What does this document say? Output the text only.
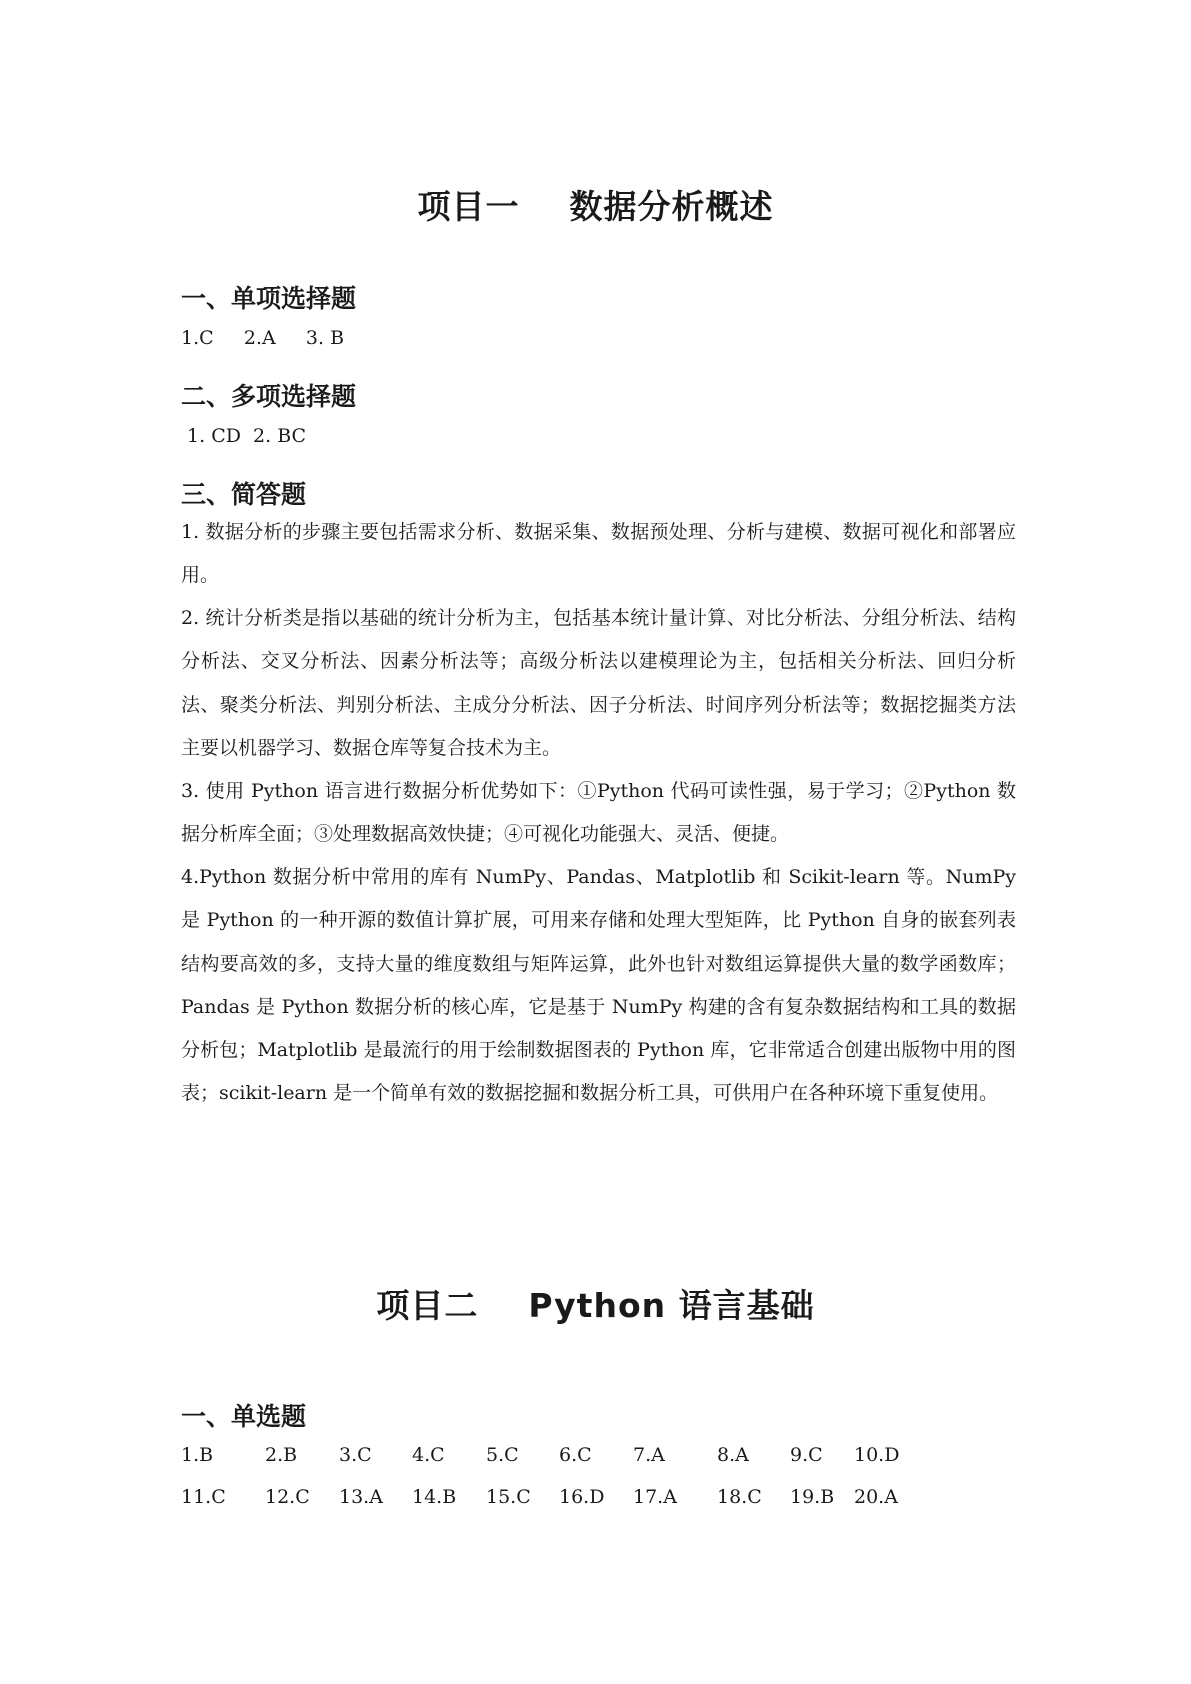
项目一    数据分析概述
一、单项选择题

1.C     2.A     3. B

二、多项选择题

1. CD  2. BC

三、简答题

1. 数据分析的步骤主要包括需求分析、数据采集、数据预处理、分析与建模、数据可视化和部署应用。

2. 统计分析类是指以基础的统计分析为主，包括基本统计量计算、对比分析法、分组分析法、结构分析法、交叉分析法、因素分析法等；高级分析法以建模理论为主，包括相关分析法、回归分析法、聚类分析法、判别分析法、主成分分析法、因子分析法、时间序列分析法等；数据挖掘类方法主要以机器学习、数据仓库等复合技术为主。

3. 使用 Python 语言进行数据分析优势如下：①Python 代码可读性强，易于学习；②Python 数据分析库全面；③处理数据高效快捷；④可视化功能强大、灵活、便捷。

4.Python 数据分析中常用的库有 NumPy、Pandas、Matplotlib 和 Scikit-learn 等。NumPy 是 Python 的一种开源的数值计算扩展，可用来存储和处理大型矩阵，比 Python 自身的嵌套列表结构要高效的多，支持大量的维度数组与矩阵运算，此外也针对数组运算提供大量的数学函数库；Pandas 是 Python 数据分析的核心库，它是基于 NumPy 构建的含有复杂数据结构和工具的数据分析包；Matplotlib 是最流行的用于绘制数据图表的 Python 库，它非常适合创建出版物中用的图表；scikit-learn 是一个简单有效的数据挖掘和数据分析工具，可供用户在各种环境下重复使用。

项目二    Python 语言基础
一、单选题
1.B	2.B 3.C 4.C 5.C 6.C 7.A	8.A 9.C 10.D
11.C 12.C 13.A 14.B 15.C 16.D 17.A 18.C 19.B 20.A
